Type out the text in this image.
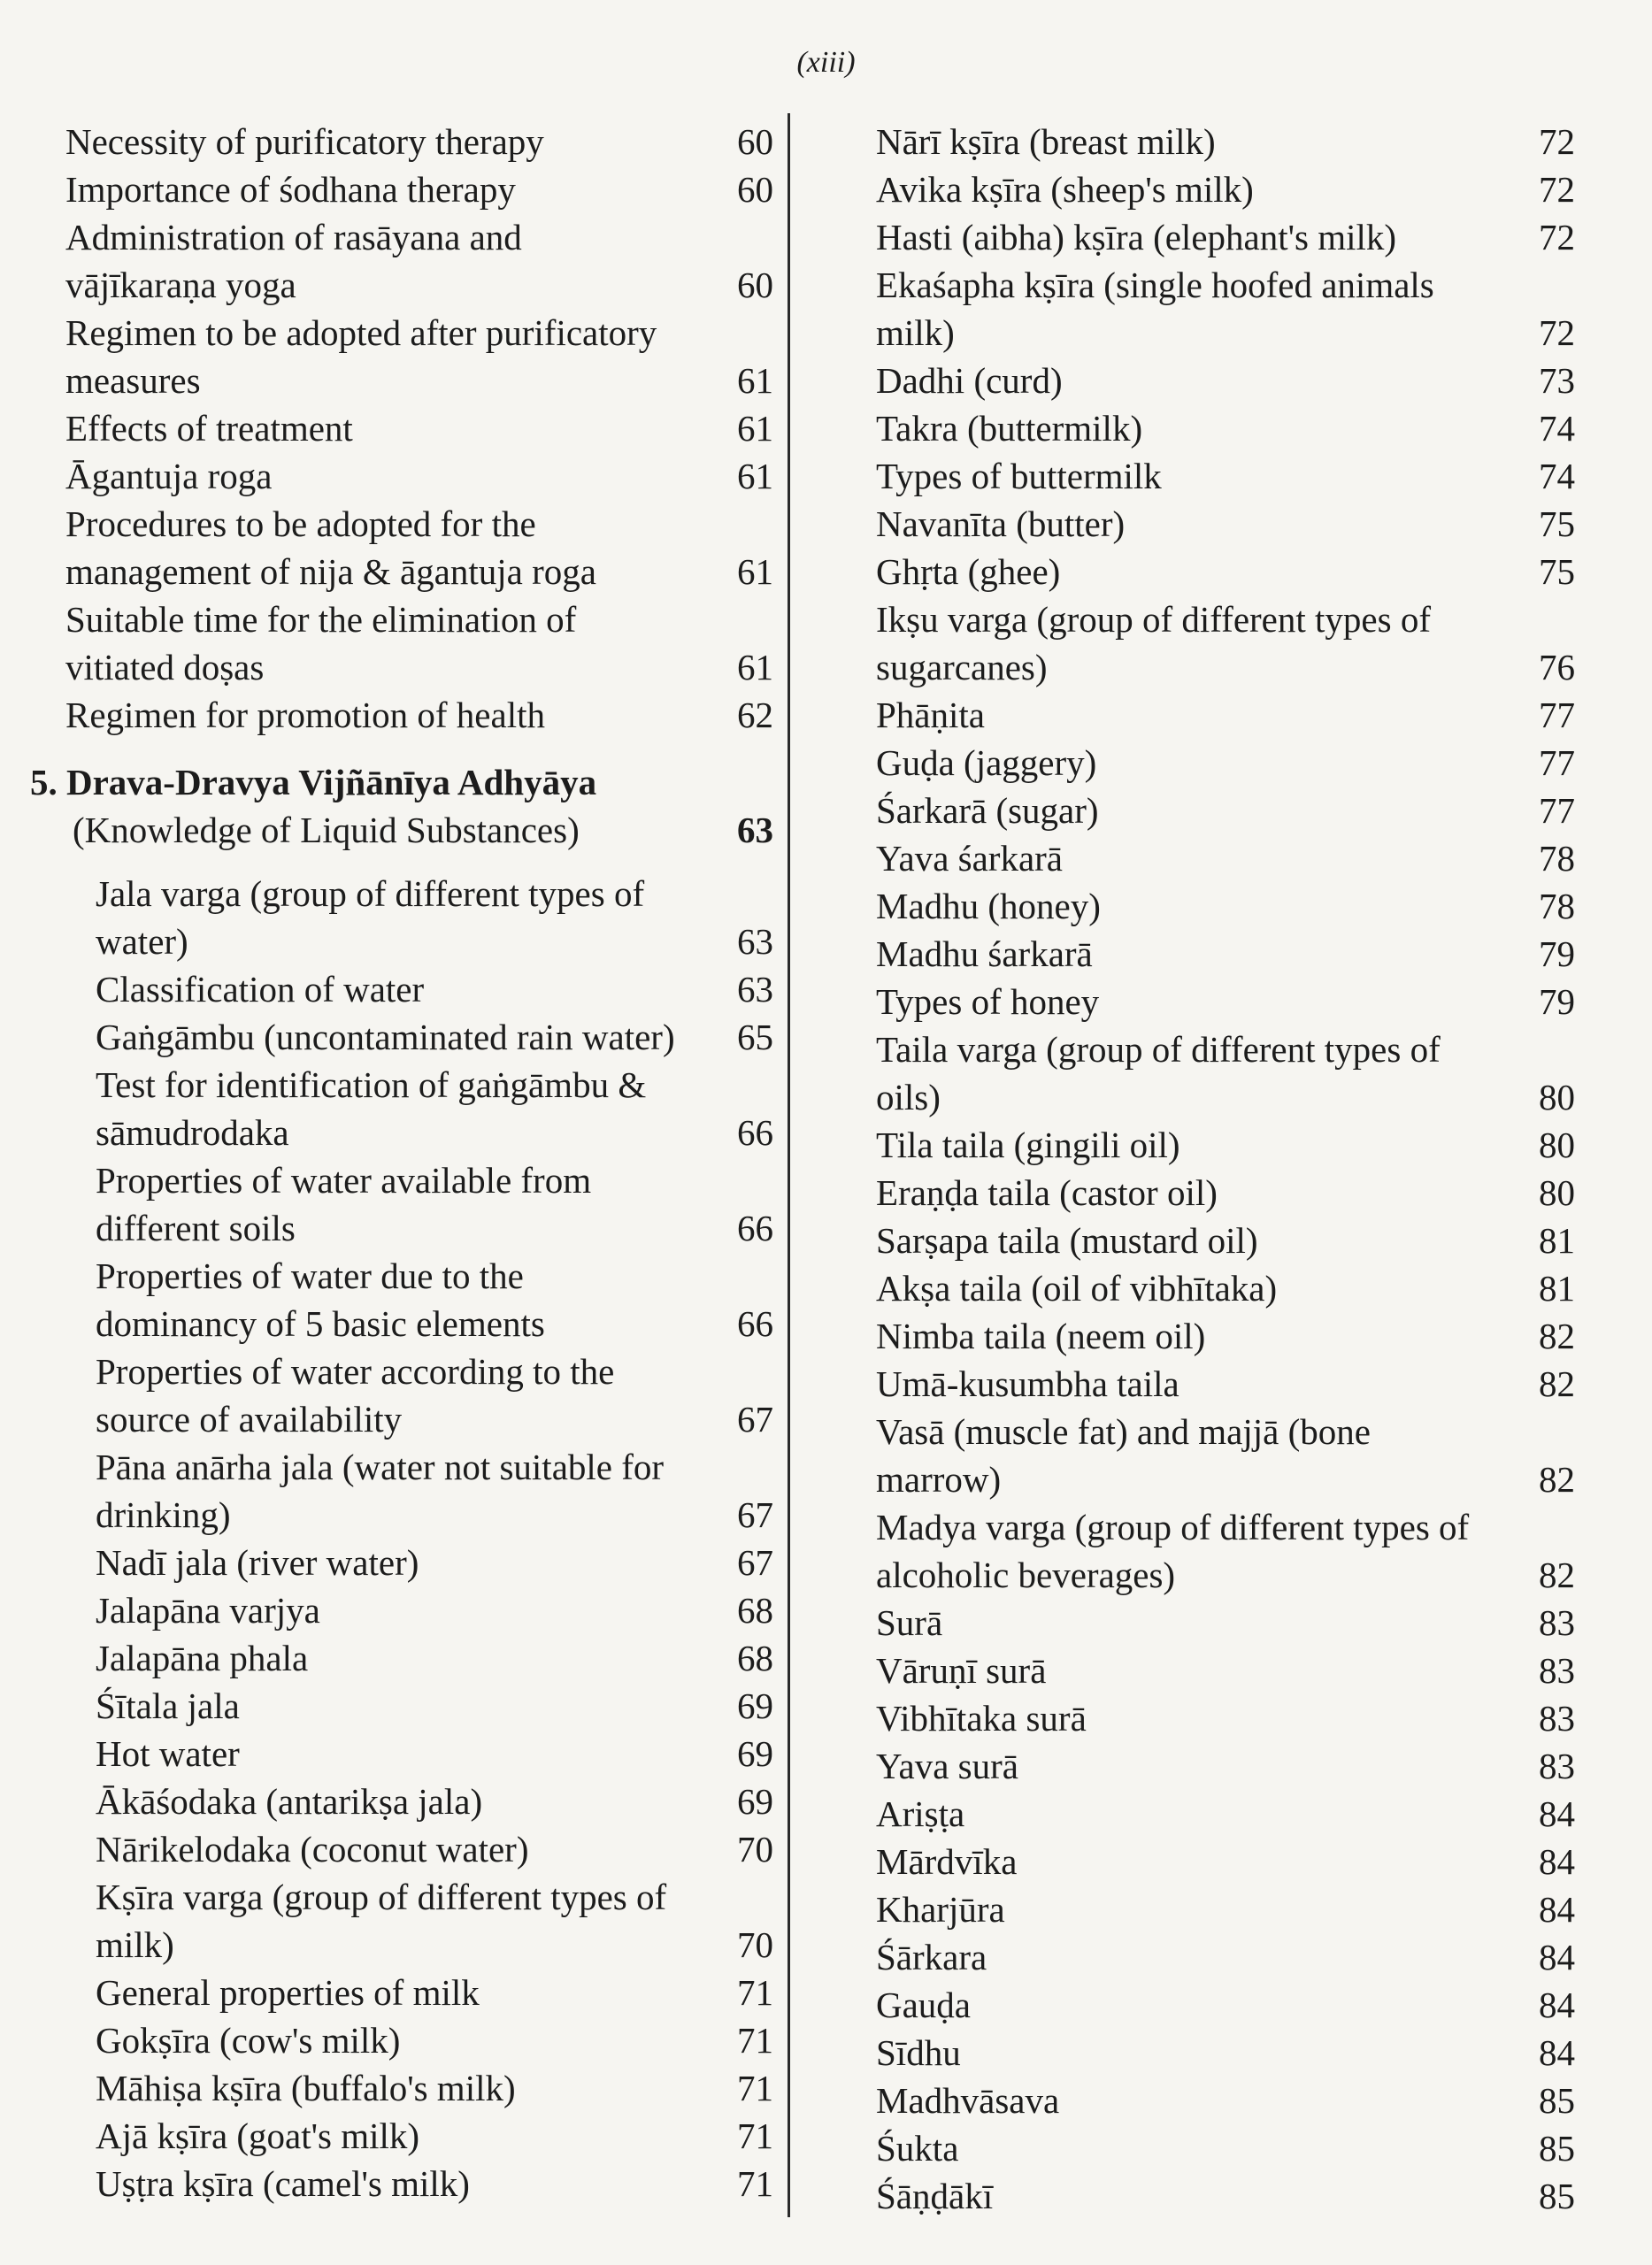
(xiii)
Necessity of purificatory therapy	60
Importance of śodhana therapy	60
Administration of rasāyana and vājīkaraṇa yoga	60
Regimen to be adopted after purificatory measures	61
Effects of treatment	61
Āgantuja roga	61
Procedures to be adopted for the management of nija & āgantuja roga	61
Suitable time for the elimination of vitiated doṣas	61
Regimen for promotion of health	62
5. Drava-Dravya Vijñānīya Adhyāya
(Knowledge of Liquid Substances)	63
Jala varga (group of different types of water)	63
Classification of water	63
Gaṅgāmbu (uncontaminated rain water)	65
Test for identification of gaṅgāmbu & sāmudrodaka	66
Properties of water available from different soils	66
Properties of water due to the dominancy of 5 basic elements	66
Properties of water according to the source of availability	67
Pāna anārha jala (water not suitable for drinking)	67
Nadī jala (river water)	67
Jalapāna varjya	68
Jalapāna phala	68
Śītala jala	69
Hot water	69
Ākāśodaka (antarikṣa jala)	69
Nārikelodaka (coconut water)	70
Kṣīra varga (group of different types of milk)	70
General properties of milk	71
Gokṣīra (cow's milk)	71
Māhiṣa kṣīra (buffalo's milk)	71
Ajā kṣīra (goat's milk)	71
Uṣṭra kṣīra (camel's milk)	71
Nārī kṣīra (breast milk)	72
Avika kṣīra (sheep's milk)	72
Hasti (aibha) kṣīra (elephant's milk)	72
Ekaśapha kṣīra (single hoofed animals milk)	72
Dadhi (curd)	73
Takra (buttermilk)	74
Types of buttermilk	74
Navanīta (butter)	75
Ghṛta (ghee)	75
Ikṣu varga (group of different types of sugarcanes)	76
Phāṇita	77
Guḍa (jaggery)	77
Śarkarā (sugar)	77
Yava śarkarā	78
Madhu (honey)	78
Madhu śarkarā	79
Types of honey	79
Taila varga (group of different types of oils)	80
Tila taila (gingili oil)	80
Eraṇḍa taila (castor oil)	80
Sarṣapa taila (mustard oil)	81
Akṣa taila (oil of vibhītaka)	81
Nimba taila (neem oil)	82
Umā-kusumbha taila	82
Vasā (muscle fat) and majjā (bone marrow)	82
Madya varga (group of different types of alcoholic beverages)	82
Surā	83
Vāruṇī surā	83
Vibhītaka surā	83
Yava surā	83
Ariṣṭa	84
Mārdvīka	84
Kharjūra	84
Śārkara	84
Gauḍa	84
Sīdhu	84
Madhvāsava	85
Śukta	85
Śāṇḍākī	85
